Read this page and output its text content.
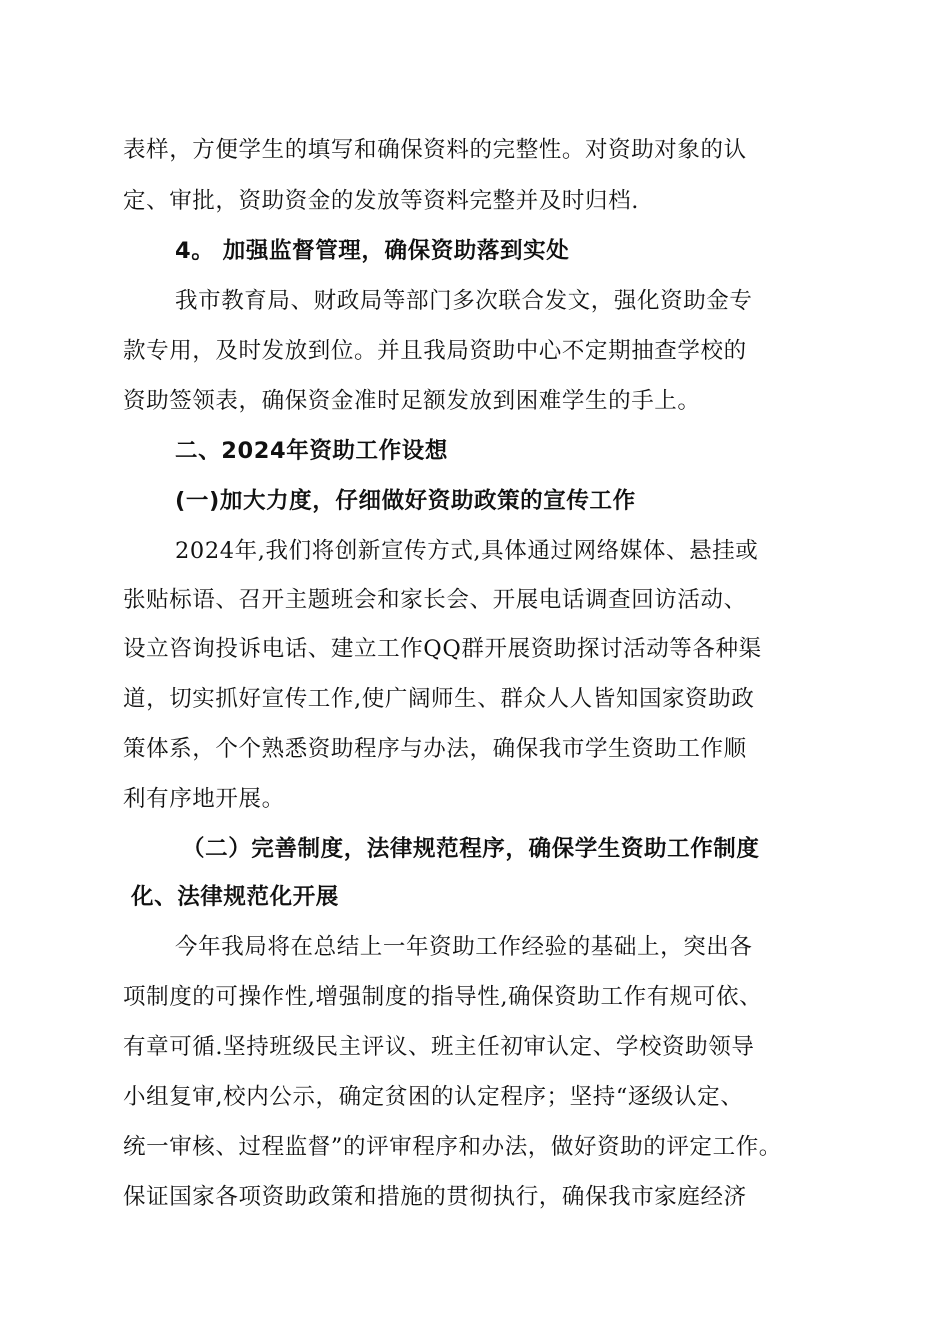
表样，方便学生的填写和确保资料的完整性。对资助对象的认
定、审批，资助资金的发放等资料完整并及时归档.
4。 加强监督管理，确保资助落到实处
我市教育局、财政局等部门多次联合发文，强化资助金专
款专用，及时发放到位。并且我局资助中心不定期抽查学校的
资助签领表，确保资金准时足额发放到困难学生的手上。
二、2024年资助工作设想
(一)加大力度，仔细做好资助政策的宣传工作
2024年,我们将创新宣传方式,具体通过网络媒体、悬挂或
张贴标语、召开主题班会和家长会、开展电话调查回访活动、
设立咨询投诉电话、建立工作QQ群开展资助探讨活动等各种渠
道，切实抓好宣传工作,使广阔师生、群众人人皆知国家资助政
策体系，个个熟悉资助程序与办法，确保我市学生资助工作顺
利有序地开展。
（二）完善制度，法律规范程序，确保学生资助工作制度
化、法律规范化开展
今年我局将在总结上一年资助工作经验的基础上，突出各
项制度的可操作性,增强制度的指导性,确保资助工作有规可依、
有章可循.坚持班级民主评议、班主任初审认定、学校资助领导
小组复审,校内公示，确定贫困的认定程序；坚持“逐级认定、
统一审核、过程监督”的评审程序和办法，做好资助的评定工作。
保证国家各项资助政策和措施的贯彻执行，确保我市家庭经济
